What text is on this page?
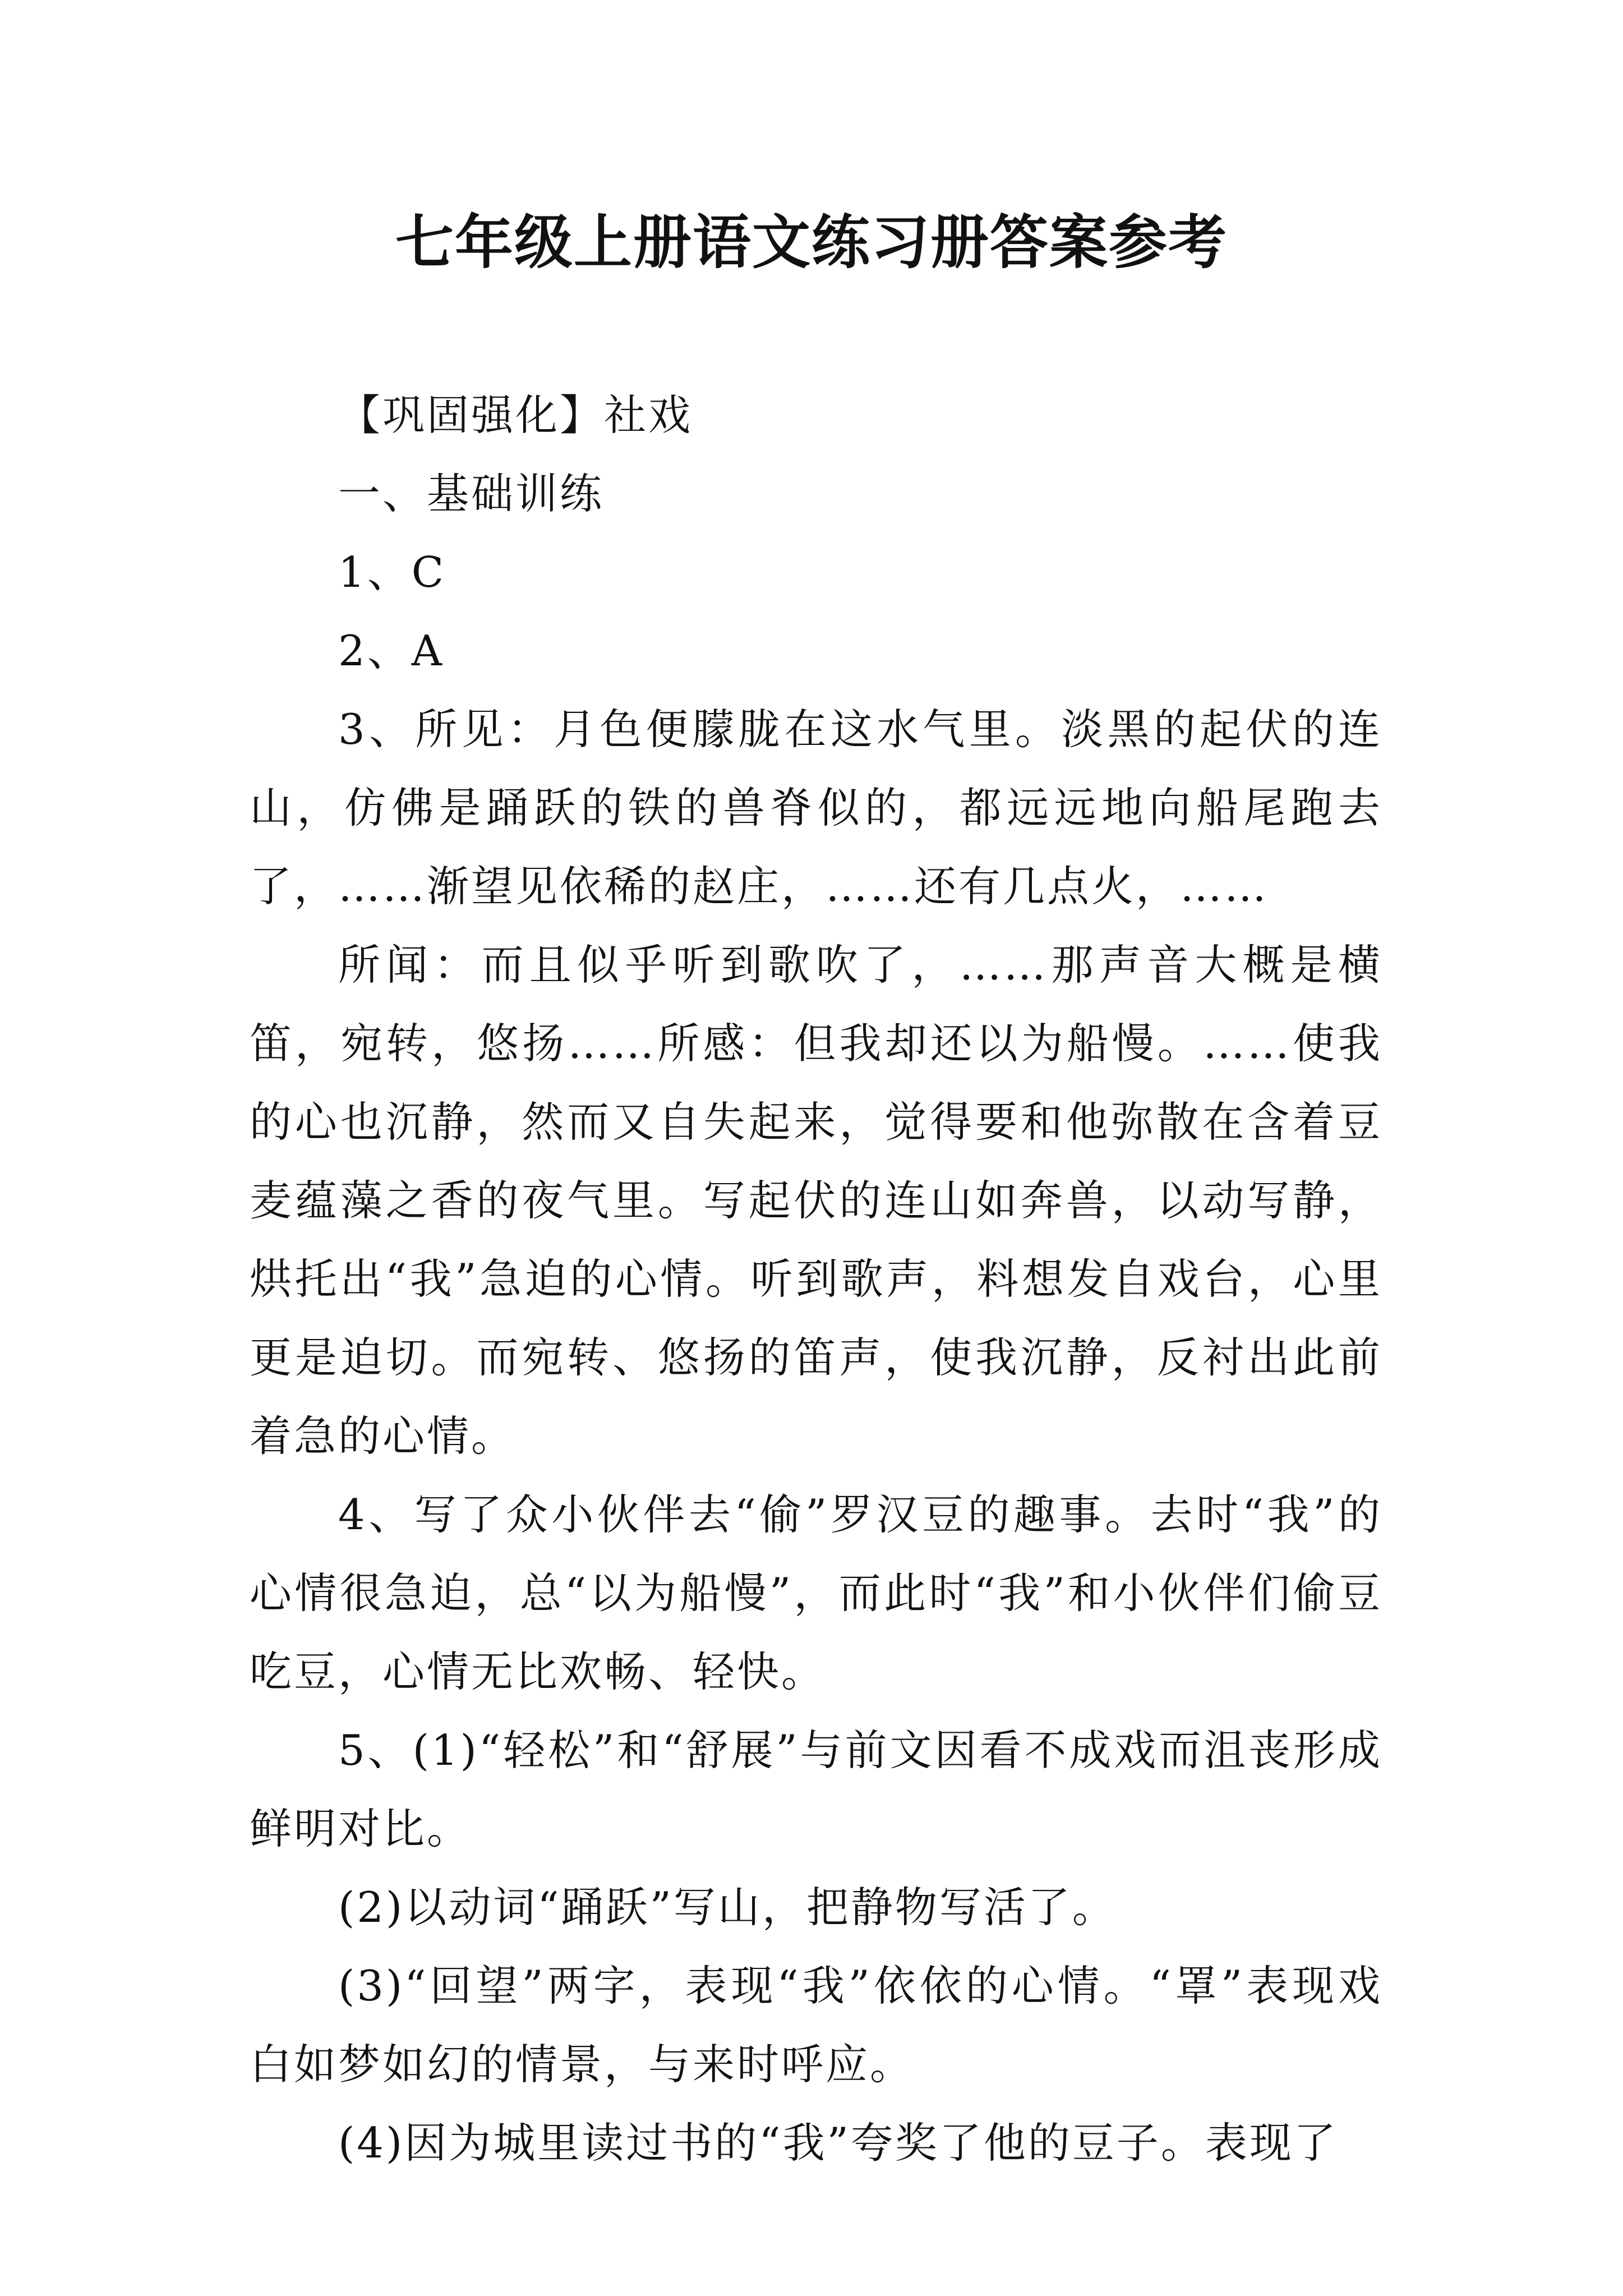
七年级上册语文练习册答案参考

【巩固强化】社戏

一、基础训练

1、C

2、A

3、所见：月色便朦胧在这水气里。淡黑的起伏的连山，仿佛是踊跃的铁的兽脊似的，都远远地向船尾跑去了，……渐望见依稀的赵庄，……还有几点火，……

所闻：而且似乎听到歌吹了，……那声音大概是横笛，宛转，悠扬……所感：但我却还以为船慢。……使我的心也沉静，然而又自失起来，觉得要和他弥散在含着豆麦蕴藻之香的夜气里。写起伏的连山如奔兽，以动写静，烘托出“我”急迫的心情。听到歌声，料想发自戏台，心里更是迫切。而宛转、悠扬的笛声，使我沉静，反衬出此前着急的心情。

4、写了众小伙伴去“偷”罗汉豆的趣事。去时“我”的心情很急迫，总“以为船慢”，而此时“我”和小伙伴们偷豆吃豆，心情无比欢畅、轻快。

5、(1)“轻松”和“舒展”与前文因看不成戏而沮丧形成鲜明对比。

(2)以动词“踊跃”写山，把静物写活了。

(3)“回望”两字，表现“我”依依的心情。“罩”表现戏白如梦如幻的情景，与来时呼应。

(4)因为城里读过书的“我”夸奖了他的豆子。表现了
